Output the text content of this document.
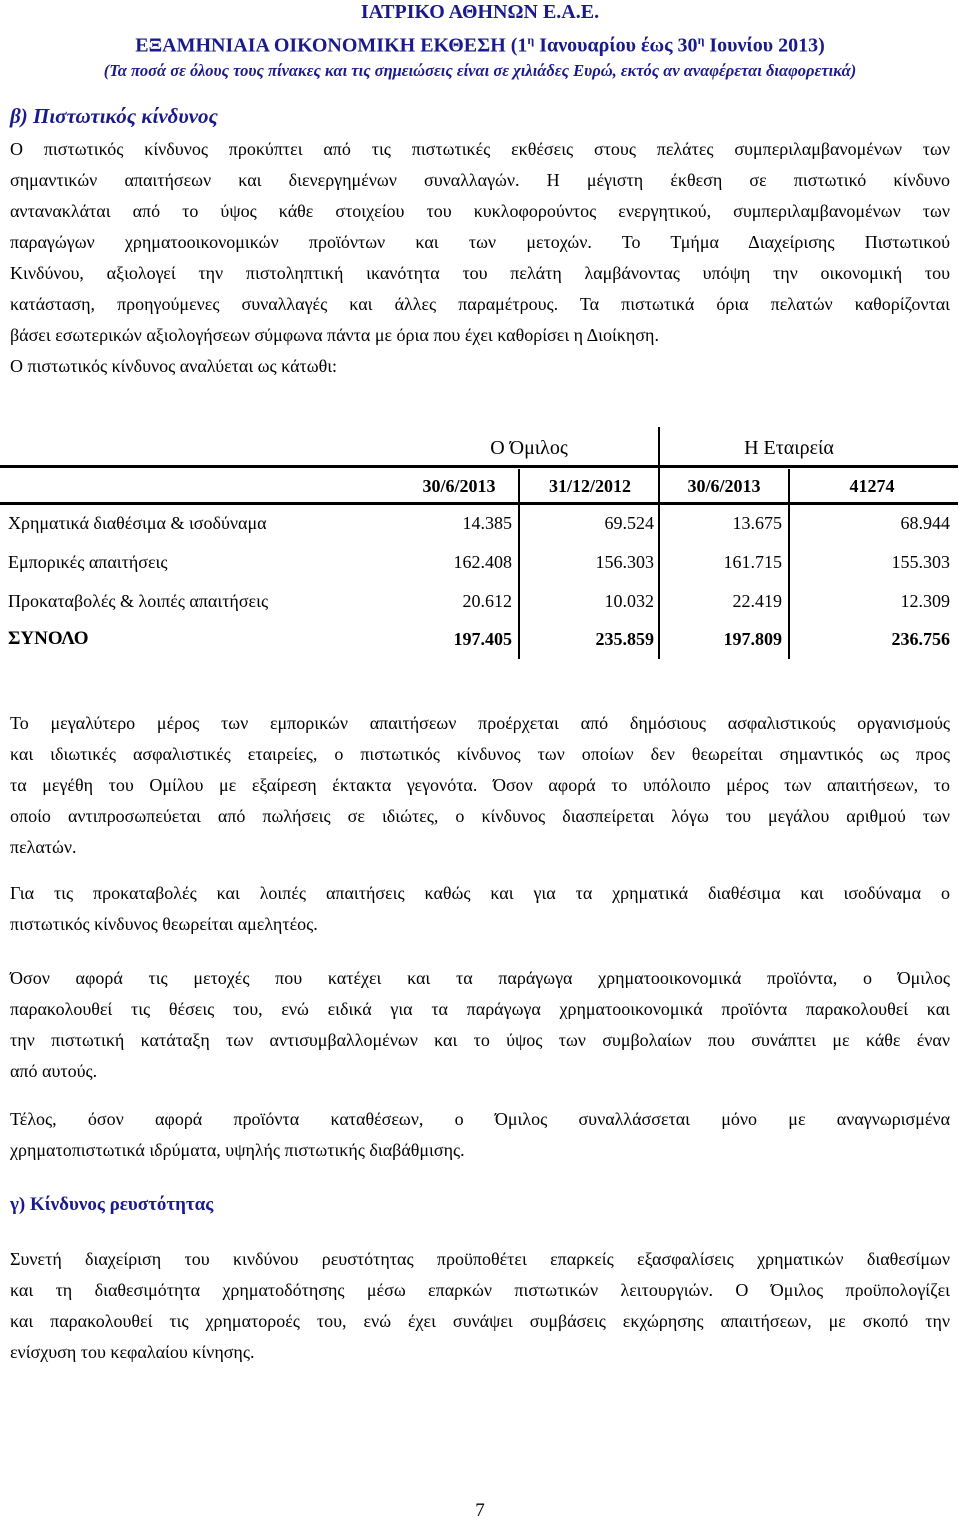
ΙΑΤΡΙΚΟ ΑΘΗΝΩΝ Ε.Α.Ε.
ΕΞΑΜΗΝΙΑΙΑ ΟΙΚΟΝΟΜΙΚΗ ΕΚΘΕΣΗ ($1^\eta$ Ιανουαρίου έως $30^\eta$ Ιουνίου 2013)
(Τα ποσά σε όλους τους πίνακες και τις σημειώσεις είναι σε χιλιάδες Ευρώ, εκτός αν αναφέρεται διαφορετικά)
β) Πιστωτικός κίνδυνος

Ο πιστωτικός κίνδυνος προκύπτει από τις πιστωτικές εκθέσεις στους πελάτες συμπεριλαμβανομένων των

σημαντικών απαιτήσεων και διενεργημένων συναλλαγών. Η μέγιστη έκθεση σε πιστωτικό κίνδυνο

αντανακλάται από το ύψος κάθε στοιχείου του κυκλοφορούντος ενεργητικού, συμπεριλαμβανομένων των

παραγώγων χρηματοοικονομικών προϊόντων και των μετοχών. Το Τμήμα Διαχείρισης Πιστωτικού

Κινδύνου, αξιολογεί την πιστοληπτική ικανότητα του πελάτη λαμβάνοντας υπόψη την οικονομική του

κατάσταση, προηγούμενες συναλλαγές και άλλες παραμέτρους. Τα πιστωτικά όρια πελατών καθορίζονται

βάσει εσωτερικών αξιολογήσεων σύμφωνα πάντα με όρια που έχει καθορίσει η Διοίκηση.

Ο πιστωτικός κίνδυνος αναλύεται ως κάτωθι:

Ο Όμιλος	Η Εταιρεία
30/6/2013	31/12/2012	30/6/2013	41274
Χρηματικά διαθέσιμα & ισοδύναμα	14.385	69.524	13.675	68.944
Εμπορικές απαιτήσεις	162.408	156.303	161.715	155.303
Προκαταβολές & λοιπές απαιτήσεις	20.612	10.032	22.419	12.309
ΣΥΝΟΛΟ	197.405	235.859	197.809	236.756

Το μεγαλύτερο μέρος των εμπορικών απαιτήσεων προέρχεται από δημόσιους ασφαλιστικούς οργανισμούς

και ιδιωτικές ασφαλιστικές εταιρείες, ο πιστωτικός κίνδυνος των οποίων δεν θεωρείται σημαντικός ως προς

τα μεγέθη του Ομίλου με εξαίρεση έκτακτα γεγονότα. Όσον αφορά το υπόλοιπο μέρος των απαιτήσεων, το

οποίο αντιπροσωπεύεται από πωλήσεις σε ιδιώτες, ο κίνδυνος διασπείρεται λόγω του μεγάλου αριθμού των

πελατών.

Για τις προκαταβολές και λοιπές απαιτήσεις καθώς και για τα χρηματικά διαθέσιμα και ισοδύναμα ο

πιστωτικός κίνδυνος θεωρείται αμελητέος.

Όσον αφορά τις μετοχές που κατέχει και τα παράγωγα χρηματοοικονομικά προϊόντα, ο Όμιλος

παρακολουθεί τις θέσεις του, ενώ ειδικά για τα παράγωγα χρηματοοικονομικά προϊόντα παρακολουθεί και

την πιστωτική κατάταξη των αντισυμβαλλομένων και το ύψος των συμβολαίων που συνάπτει με κάθε έναν

από αυτούς.

Τέλος, όσον αφορά προϊόντα καταθέσεων, ο Όμιλος συναλλάσσεται μόνο με αναγνωρισμένα

χρηματοπιστωτικά ιδρύματα, υψηλής πιστωτικής διαβάθμισης.

γ) Κίνδυνος ρευστότητας

Συνετή διαχείριση του κινδύνου ρευστότητας προϋποθέτει επαρκείς εξασφαλίσεις χρηματικών διαθεσίμων

και τη διαθεσιμότητα χρηματοδότησης μέσω επαρκών πιστωτικών λειτουργιών. Ο Όμιλος προϋπολογίζει

και παρακολουθεί τις χρηματορoές του, ενώ έχει συνάψει συμβάσεις εκχώρησης απαιτήσεων, με σκοπό την

ενίσχυση του κεφαλαίου κίνησης.

7
